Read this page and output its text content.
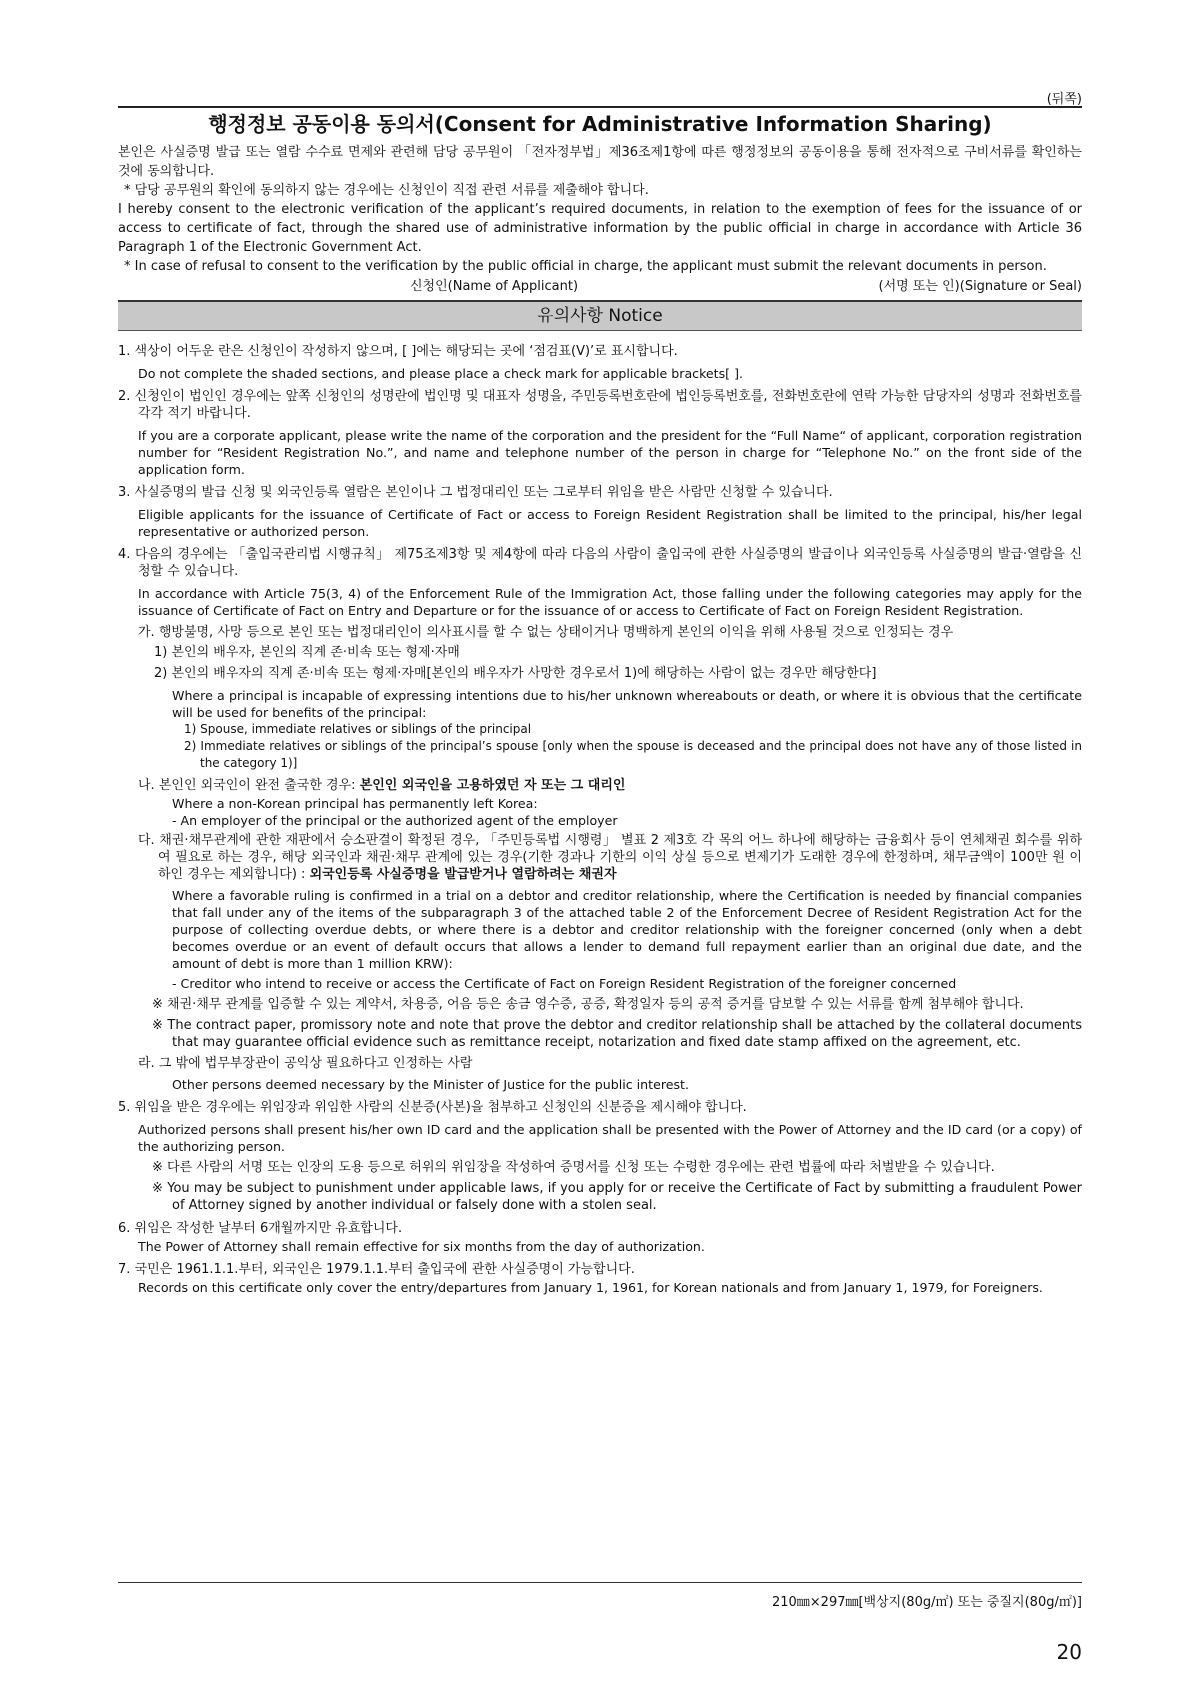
(뒤쪽)
행정정보 공동이용 동의서(Consent for Administrative Information Sharing)
본인은 사실증명 발급 또는 열람 수수료 면제와 관련해 담당 공무원이 「전자정부법」제36조제1항에 따른 행정정보의 공동이용을 통해 전자적으로 구비서류를 확인하는 것에 동의합니다.
* 담당 공무원의 확인에 동의하지 않는 경우에는 신청인이 직접 관련 서류를 제출해야 합니다.
I hereby consent to the electronic verification of the applicant’s required documents, in relation to the exemption of fees for the issuance of or access to certificate of fact, through the shared use of administrative information by the public official in charge in accordance with Article 36 Paragraph 1 of the Electronic Government Act.
* In case of refusal to consent to the verification by the public official in charge, the applicant must submit the relevant documents in person.
신청인(Name of Applicant)	(서명 또는 인)(Signature or Seal)
유의사항 Notice
1. 색상이 어두운 란은 신청인이 작성하지 않으며, [ ]에는 해당되는 곳에 ‘점검표(V)’로 표시합니다.
Do not complete the shaded sections, and please place a check mark for applicable brackets[ ].
2. 신청인이 법인인 경우에는 앞쪽 신청인의 성명란에 법인명 및 대표자 성명을, 주민등록번호란에 법인등록번호를, 전화번호란에 연락 가능한 담당자의 성명과 전화번호를 각각 적기 바랍니다.
If you are a corporate applicant, please write the name of the corporation and the president for the “Full Name“ of applicant, corporation registration number for “Resident Registration No.”, and name and telephone number of the person in charge for “Telephone No.” on the front side of the application form.
3. 사실증명의 발급 신청 및 외국인등록 열람은 본인이나 그 법정대리인 또는 그로부터 위임을 받은 사람만 신청할 수 있습니다.
Eligible applicants for the issuance of Certificate of Fact or access to Foreign Resident Registration shall be limited to the principal, his/her legal representative or authorized person.
4. 다음의 경우에는 「출입국관리법 시행규칙」 제75조제3항 및 제4항에 따라 다음의 사람이 출입국에 관한 사실증명의 발급이나 외국인등록 사실증명의 발급·열람을 신청할 수 있습니다.
In accordance with Article 75(3, 4) of the Enforcement Rule of the Immigration Act, those falling under the following categories may apply for the issuance of Certificate of Fact on Entry and Departure or for the issuance of or access to Certificate of Fact on Foreign Resident Registration.
가. 행방불명, 사망 등으로 본인 또는 법정대리인이 의사표시를 할 수 없는 상태이거나 명백하게 본인의 이익을 위해 사용될 것으로 인정되는 경우
1) 본인의 배우자, 본인의 직계 존·비속 또는 형제·자매
2) 본인의 배우자의 직계 존·비속 또는 형제·자매[본인의 배우자가 사망한 경우로서 1)에 해당하는 사람이 없는 경우만 해당한다]
Where a principal is incapable of expressing intentions due to his/her unknown whereabouts or death, or where it is obvious that the certificate will be used for benefits of the principal:
1) Spouse, immediate relatives or siblings of the principal
2) Immediate relatives or siblings of the principal’s spouse [only when the spouse is deceased and the principal does not have any of those listed in the category 1)]
나. 본인인 외국인이 완전 출국한 경우: 본인인 외국인을 고용하였던 자 또는 그 대리인
Where a non-Korean principal has permanently left Korea:
- An employer of the principal or the authorized agent of the employer
다. 채권·채무관계에 관한 재판에서 승소판결이 확정된 경우, 「주민등록법 시행령」 별표 2 제3호 각 목의 어느 하나에 해당하는 금융회사 등이 연체채권 회수를 위하여 필요로 하는 경우, 해당 외국인과 채권·채무 관계에 있는 경우(기한 경과나 기한의 이익 상실 등으로 변제기가 도래한 경우에 한정하며, 채무금액이 100만 원 이하인 경우는 제외합니다) : 외국인등록 사실증명을 발급받거나 열람하려는 채권자
Where a favorable ruling is confirmed in a trial on a debtor and creditor relationship, where the Certification is needed by financial companies that fall under any of the items of the subparagraph 3 of the attached table 2 of the Enforcement Decree of Resident Registration Act for the purpose of collecting overdue debts, or where there is a debtor and creditor relationship with the foreigner concerned (only when a debt becomes overdue or an event of default occurs that allows a lender to demand full repayment earlier than an original due date, and the amount of debt is more than 1 million KRW):
- Creditor who intend to receive or access the Certificate of Fact on Foreign Resident Registration of the foreigner concerned
※ 채권·채무 관계를 입증할 수 있는 계약서, 차용증, 어음 등은 송금 영수증, 공증, 확정일자 등의 공적 증거를 담보할 수 있는 서류를 함께 첨부해야 합니다.
※ The contract paper, promissory note and note that prove the debtor and creditor relationship shall be attached by the collateral documents that may guarantee official evidence such as remittance receipt, notarization and fixed date stamp affixed on the agreement, etc.
라. 그 밖에 법무부장관이 공익상 필요하다고 인정하는 사람
Other persons deemed necessary by the Minister of Justice for the public interest.
5. 위임을 받은 경우에는 위임장과 위임한 사람의 신분증(사본)을 첨부하고 신청인의 신분증을 제시해야 합니다.
Authorized persons shall present his/her own ID card and the application shall be presented with the Power of Attorney and the ID card (or a copy) of the authorizing person.
※ 다른 사람의 서명 또는 인장의 도용 등으로 허위의 위임장을 작성하여 증명서를 신청 또는 수령한 경우에는 관련 법률에 따라 처벌받을 수 있습니다.
※ You may be subject to punishment under applicable laws, if you apply for or receive the Certificate of Fact by submitting a fraudulent Power of Attorney signed by another individual or falsely done with a stolen seal.
6. 위임은 작성한 날부터 6개월까지만 유효합니다.
The Power of Attorney shall remain effective for six months from the day of authorization.
7. 국민은 1961.1.1.부터, 외국인은 1979.1.1.부터 출입국에 관한 사실증명이 가능합니다.
Records on this certificate only cover the entry/departures from January 1, 1961, for Korean nationals and from January 1, 1979, for Foreigners.
210㎜×297㎜[백상지(80g/㎡) 또는 중질지(80g/㎡)]
20
